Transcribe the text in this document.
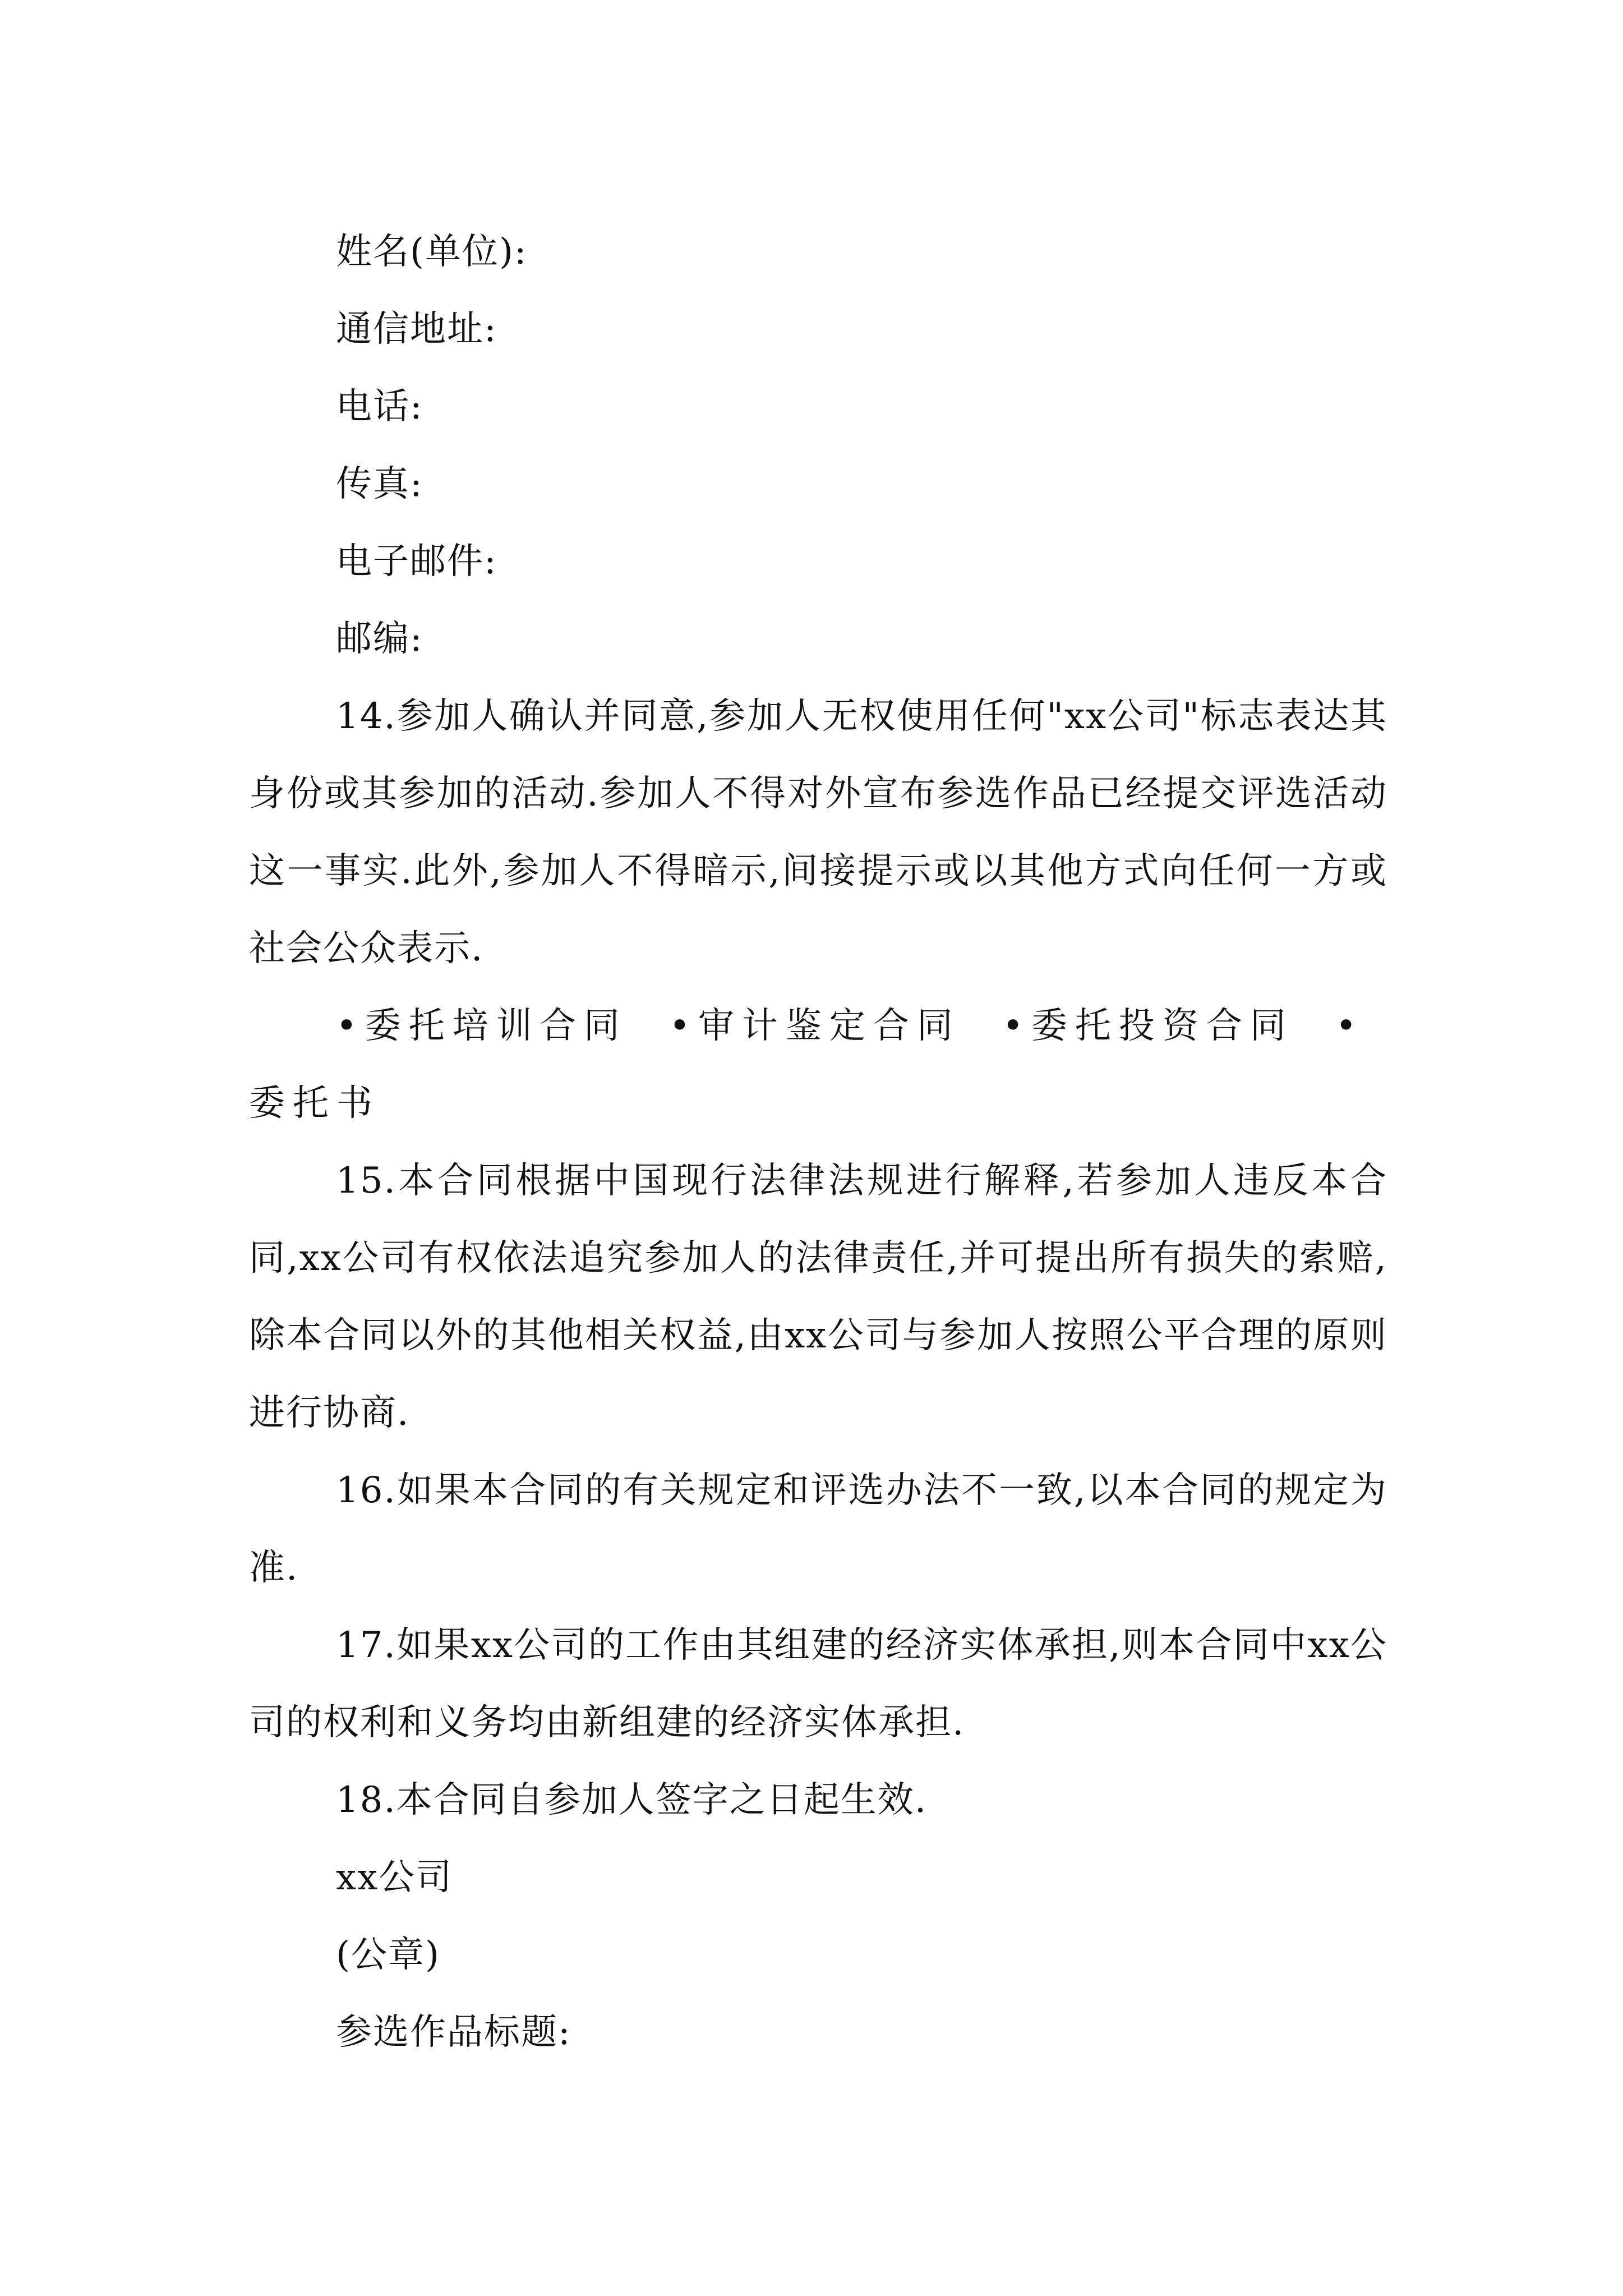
姓名(单位):

通信地址:

电话:

传真:

电子邮件:

邮编:

14.参加人确认并同意,参加人无权使用任何"xx公司"标志表达其身份或其参加的活动.参加人不得对外宣布参选作品已经提交评选活动这一事实.此外,参加人不得暗示,间接提示或以其他方式向任何一方或社会公众表示.

•委托培训合同 •审计鉴定合同 •委托投资合同 •委托书

15.本合同根据中国现行法律法规进行解释,若参加人违反本合同,xx公司有权依法追究参加人的法律责任,并可提出所有损失的索赔,除本合同以外的其他相关权益,由xx公司与参加人按照公平合理的原则进行协商.

16.如果本合同的有关规定和评选办法不一致,以本合同的规定为准.

17.如果xx公司的工作由其组建的经济实体承担,则本合同中xx公司的权利和义务均由新组建的经济实体承担.

18.本合同自参加人签字之日起生效.

xx公司

(公章)

参选作品标题:
